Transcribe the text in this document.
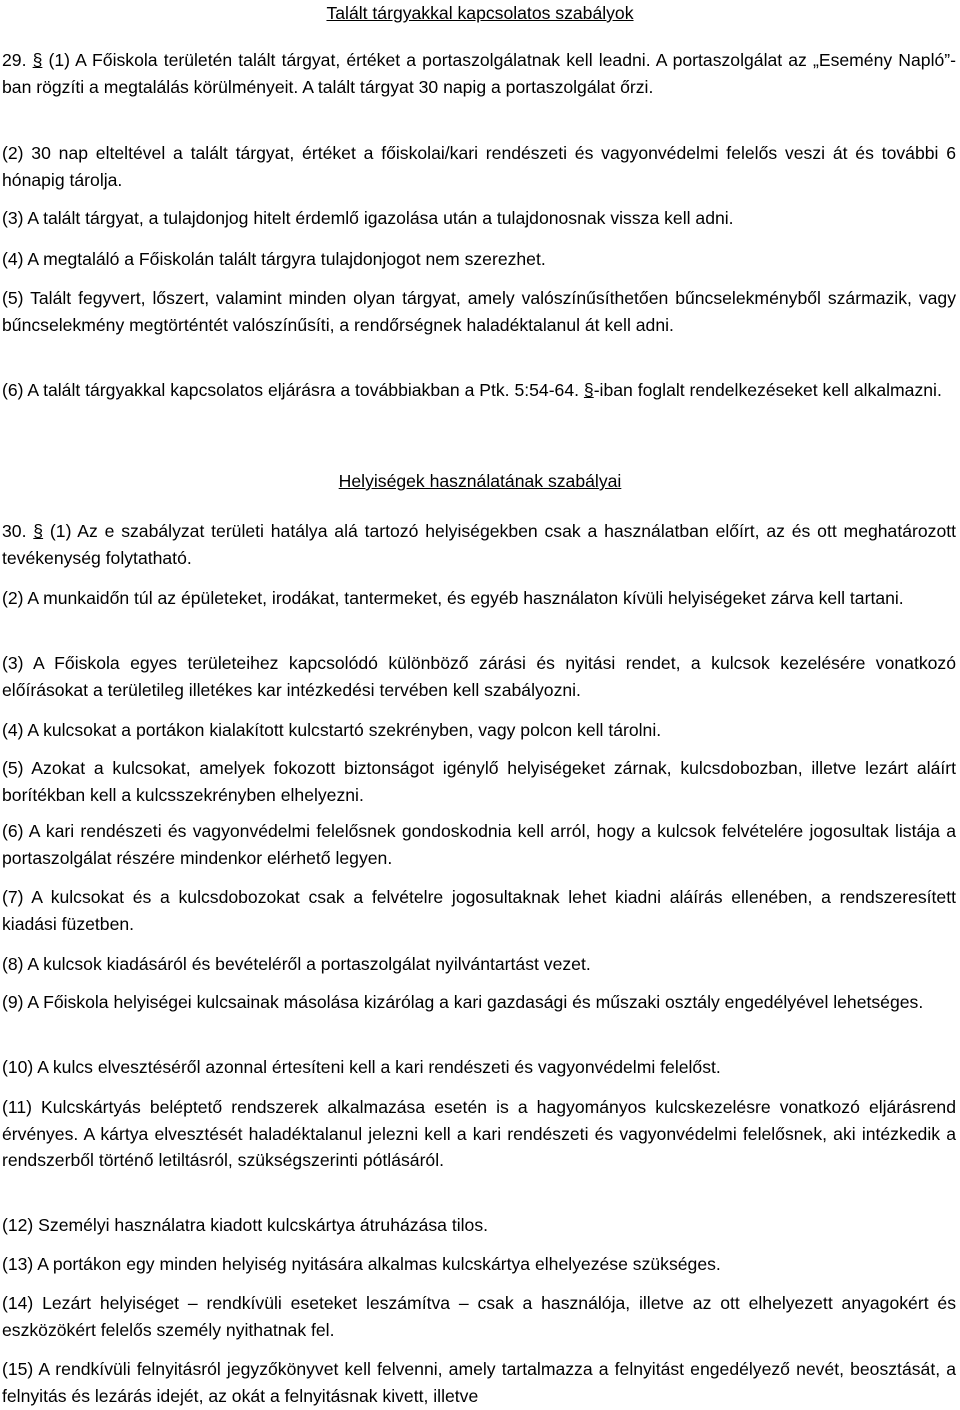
Talált tárgyakkal kapcsolatos szabályok

29. § (1) A Főiskola területén talált tárgyat, értéket a portaszolgálatnak kell leadni. A portaszolgálat az „Esemény Napló”-ban rögzíti a megtalálás körülményeit. A talált tárgyat 30 napig a portaszolgálat őrzi.

(2) 30 nap elteltével a talált tárgyat, értéket a főiskolai/kari rendészeti és vagyonvédelmi felelős veszi át és további 6 hónapig tárolja.

(3) A talált tárgyat, a tulajdonjog hitelt érdemlő igazolása után a tulajdonosnak vissza kell adni.

(4) A megtaláló a Főiskolán talált tárgyra tulajdonjogot nem szerezhet.

(5) Talált fegyvert, lőszert, valamint minden olyan tárgyat, amely valószínűsíthetően bűncselekményből származik, vagy bűncselekmény megtörténtét valószínűsíti, a rendőrségnek haladéktalanul át kell adni.

(6) A talált tárgyakkal kapcsolatos eljárásra a továbbiakban a Ptk. 5:54-64. §-iban foglalt rendelkezéseket kell alkalmazni.

Helyiségek használatának szabályai

30. § (1) Az e szabályzat területi hatálya alá tartozó helyiségekben csak a használatban előírt, az és ott meghatározott tevékenység folytatható.

(2) A munkaidőn túl az épületeket, irodákat, tantermeket, és egyéb használaton kívüli helyiségeket zárva kell tartani.

(3) A Főiskola egyes területeihez kapcsolódó különböző zárási és nyitási rendet, a kulcsok kezelésére vonatkozó előírásokat a területileg illetékes kar intézkedési tervében kell szabályozni.

(4) A kulcsokat a portákon kialakított kulcstartó szekrényben, vagy polcon kell tárolni.

(5) Azokat a kulcsokat, amelyek fokozott biztonságot igénylő helyiségeket zárnak, kulcsdobozban, illetve lezárt aláírt borítékban kell a kulcsszekrényben elhelyezni.

(6) A kari rendészeti és vagyonvédelmi felelősnek gondoskodnia kell arról, hogy a kulcsok felvételére jogosultak listája a portaszolgálat részére mindenkor elérhető legyen.

(7) A kulcsokat és a kulcsdobozokat csak a felvételre jogosultaknak lehet kiadni aláírás ellenében, a rendszeresített kiadási füzetben.

(8) A kulcsok kiadásáról és bevételéről a portaszolgálat nyilvántartást vezet.

(9) A Főiskola helyiségei kulcsainak másolása kizárólag a kari gazdasági és műszaki osztály engedélyével lehetséges.

(10) A kulcs elvesztéséről azonnal értesíteni kell a kari rendészeti és vagyonvédelmi felelőst.

(11) Kulcskártyás beléptető rendszerek alkalmazása esetén is a hagyományos kulcskezelésre vonatkozó eljárásrend érvényes. A kártya elvesztését haladéktalanul jelezni kell a kari rendészeti és vagyonvédelmi felelősnek, aki intézkedik a rendszerből történő letiltásról, szükségszerinti pótlásáról.

(12) Személyi használatra kiadott kulcskártya átruházása tilos.

(13) A portákon egy minden helyiség nyitására alkalmas kulcskártya elhelyezése szükséges.

(14) Lezárt helyiséget – rendkívüli eseteket leszámítva – csak a használója, illetve az ott elhelyezett anyagokért és eszközökért felelős személy nyithatnak fel.

(15) A rendkívüli felnyitásról jegyzőkönyvet kell felvenni, amely tartalmazza a felnyitást engedélyező nevét, beosztását, a felnyitás és lezárás idejét, az okát a felnyitásnak kivett, illetve
